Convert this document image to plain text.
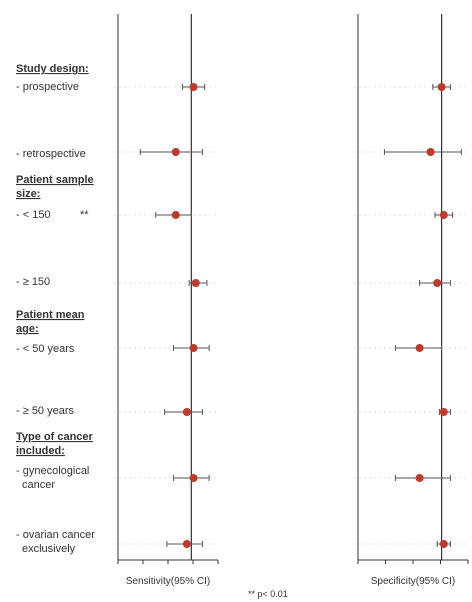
Study design:
- prospective
- retrospective
Patient sample
size:
- < 150	**
- ≥ 150
Patient mean
age:
- < 50 years
- ≥ 50 years
Type of cancer
included:
- gynecological
cancer
- ovarian cancer
exclusively
Sensitivity(95% CI)	Specificity(95% CI)
** p< 0.01
